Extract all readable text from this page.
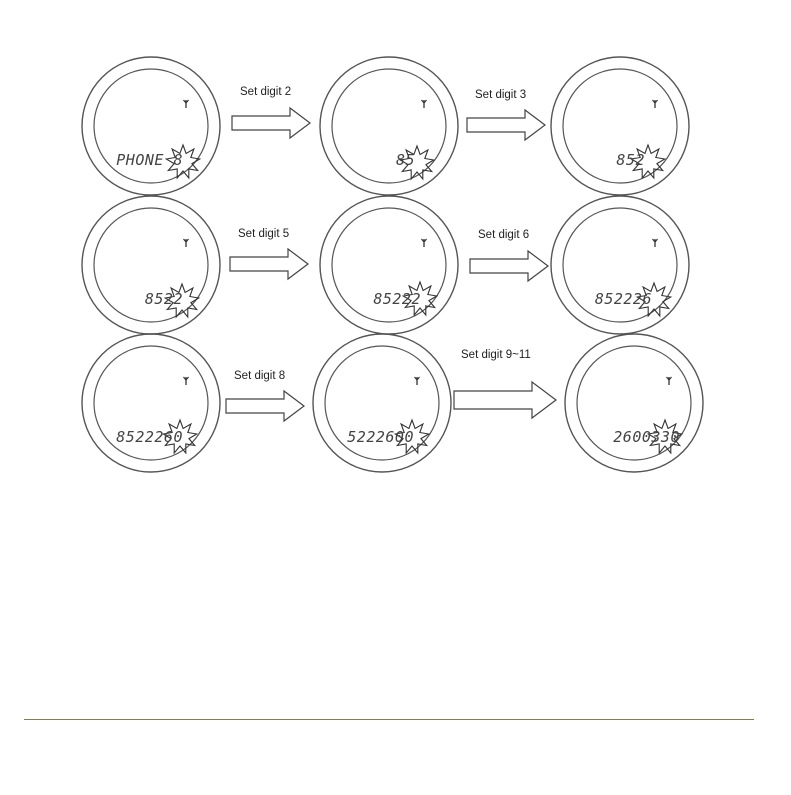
PHONE 8	85	852
8522	85222	852226
8522260	5222600	2600330
Set digit 2	Set digit 3
Set digit 5	Set digit 6
Set digit 8
Set digit 9~11
